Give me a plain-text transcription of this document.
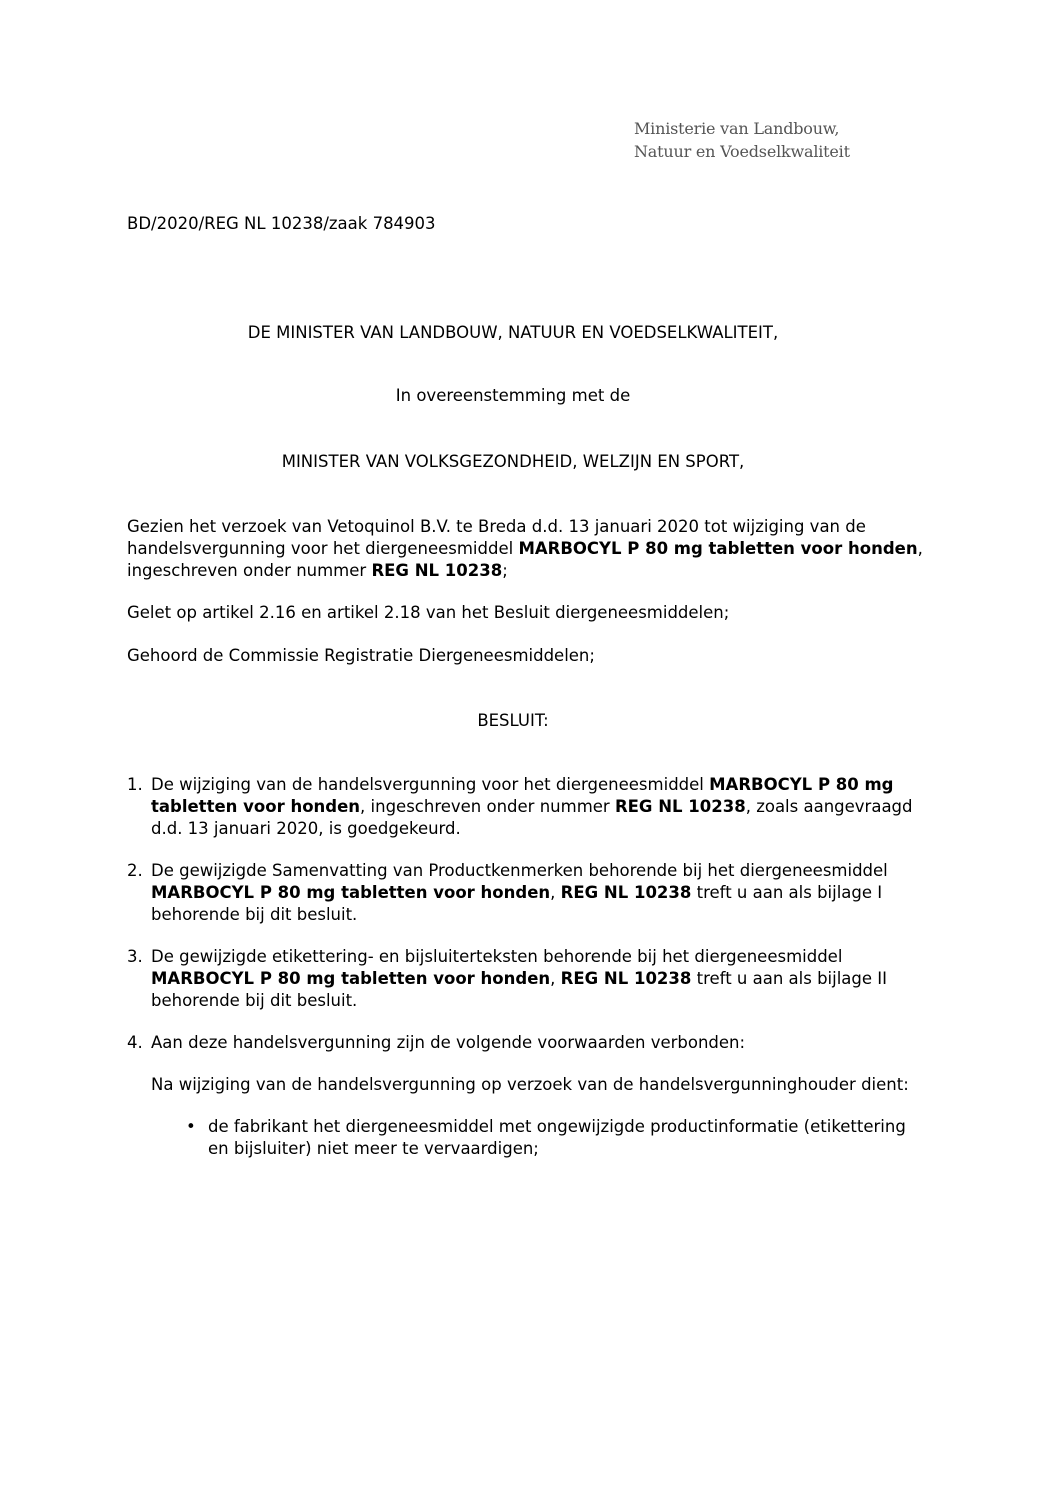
Ministerie van Landbouw,
Natuur en Voedselkwaliteit
BD/2020/REG NL 10238/zaak 784903
DE MINISTER VAN LANDBOUW, NATUUR EN VOEDSELKWALITEIT,
In overeenstemming met de
MINISTER VAN VOLKSGEZONDHEID, WELZIJN EN SPORT,
Gezien het verzoek van Vetoquinol B.V. te Breda d.d. 13 januari 2020 tot wijziging van de handelsvergunning voor het diergeneesmiddel MARBOCYL P 80 mg tabletten voor honden, ingeschreven onder nummer REG NL 10238;
Gelet op artikel 2.16 en artikel 2.18 van het Besluit diergeneesmiddelen;
Gehoord de Commissie Registratie Diergeneesmiddelen;
BESLUIT:
1. De wijziging van de handelsvergunning voor het diergeneesmiddel MARBOCYL P 80 mg tabletten voor honden, ingeschreven onder nummer REG NL 10238, zoals aangevraagd d.d. 13 januari 2020, is goedgekeurd.
2. De gewijzigde Samenvatting van Productkenmerken behorende bij het diergeneesmiddel MARBOCYL P 80 mg tabletten voor honden, REG NL 10238 treft u aan als bijlage I behorende bij dit besluit.
3. De gewijzigde etikettering- en bijsluiterteksten behorende bij het diergeneesmiddel MARBOCYL P 80 mg tabletten voor honden, REG NL 10238 treft u aan als bijlage II behorende bij dit besluit.
4. Aan deze handelsvergunning zijn de volgende voorwaarden verbonden:
Na wijziging van de handelsvergunning op verzoek van de handelsvergunninghouder dient:
• de fabrikant het diergeneesmiddel met ongewijzigde productinformatie (etikettering en bijsluiter) niet meer te vervaardigen;
